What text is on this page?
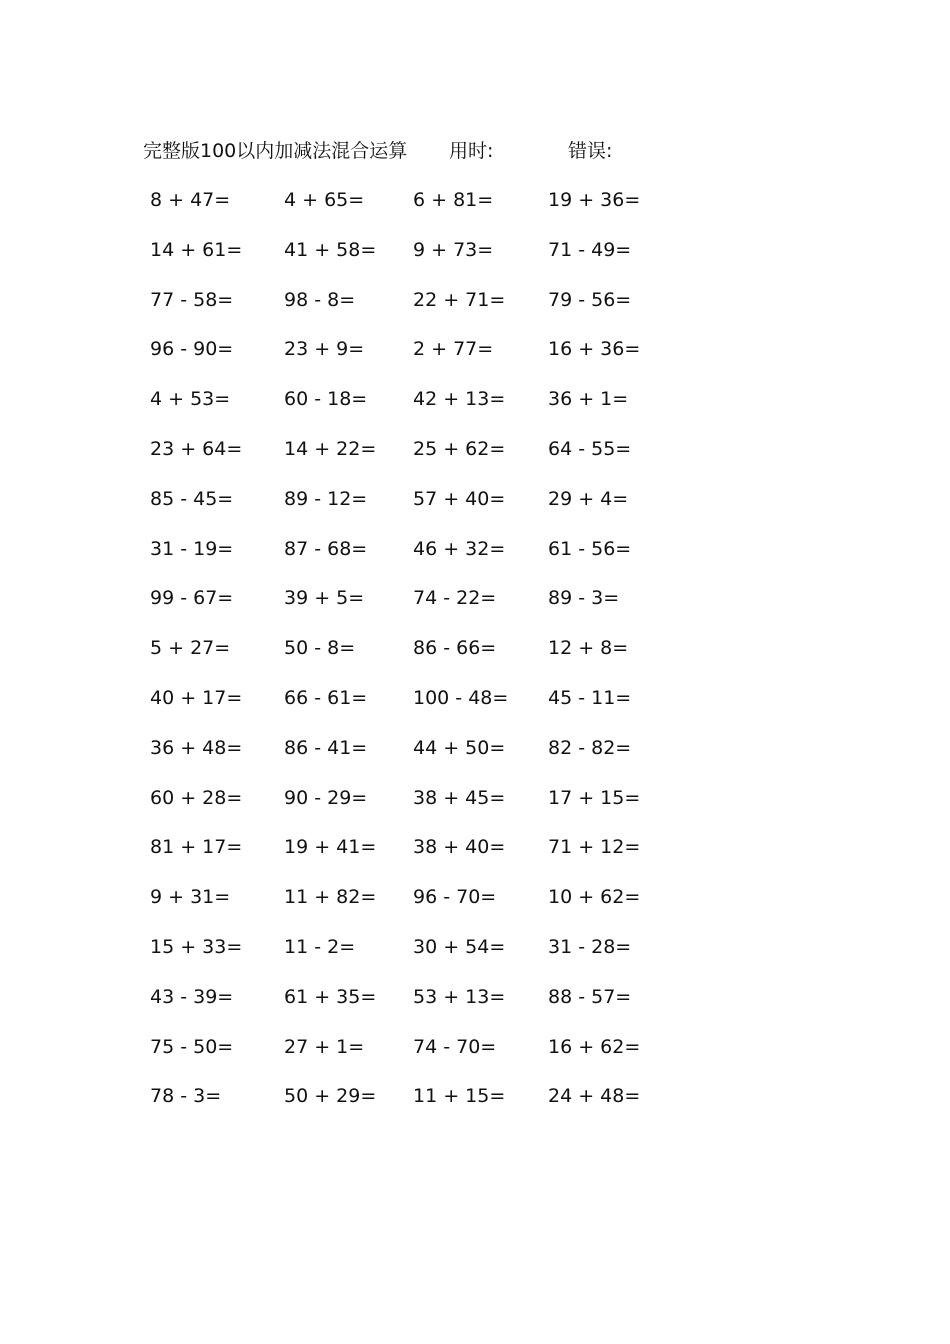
完整版100以内加减法混合运算 用时:	错误:
8 + 47=	4 + 65=	6 + 81=	19 + 36=
14 + 61= 41 + 58= 9 + 73=	71 - 49=
77 - 58=	98 - 8=	22 + 71= 79 - 56=
96 - 90=	23 + 9=	2 + 77=	16 + 36=
4 + 53=	60 - 18= 42 + 13= 36 + 1=
23 + 64= 14 + 22= 25 + 62= 64 - 55=
85 - 45=	89 - 12= 57 + 40= 29 + 4=
31 - 19=	87 - 68= 46 + 32= 61 - 56=
99 - 67=	39 + 5=	74 - 22=	89 - 3=
5 + 27=	50 - 8=	86 - 66=	12 + 8=
40 + 17= 66 - 61= 100 - 48= 45 - 11=
36 + 48= 86 - 41= 44 + 50= 82 - 82=
60 + 28= 90 - 29= 38 + 45= 17 + 15=
81 + 17= 19 + 41= 38 + 40= 71 + 12=
9 + 31=	11 + 82= 96 - 70=	10 + 62=
15 + 33= 11 - 2=	30 + 54= 31 - 28=
43 - 39=	61 + 35= 53 + 13= 88 - 57=
75 - 50=	27 + 1=	74 - 70=	16 + 62=
78 - 3=	50 + 29= 11 + 15= 24 + 48=
